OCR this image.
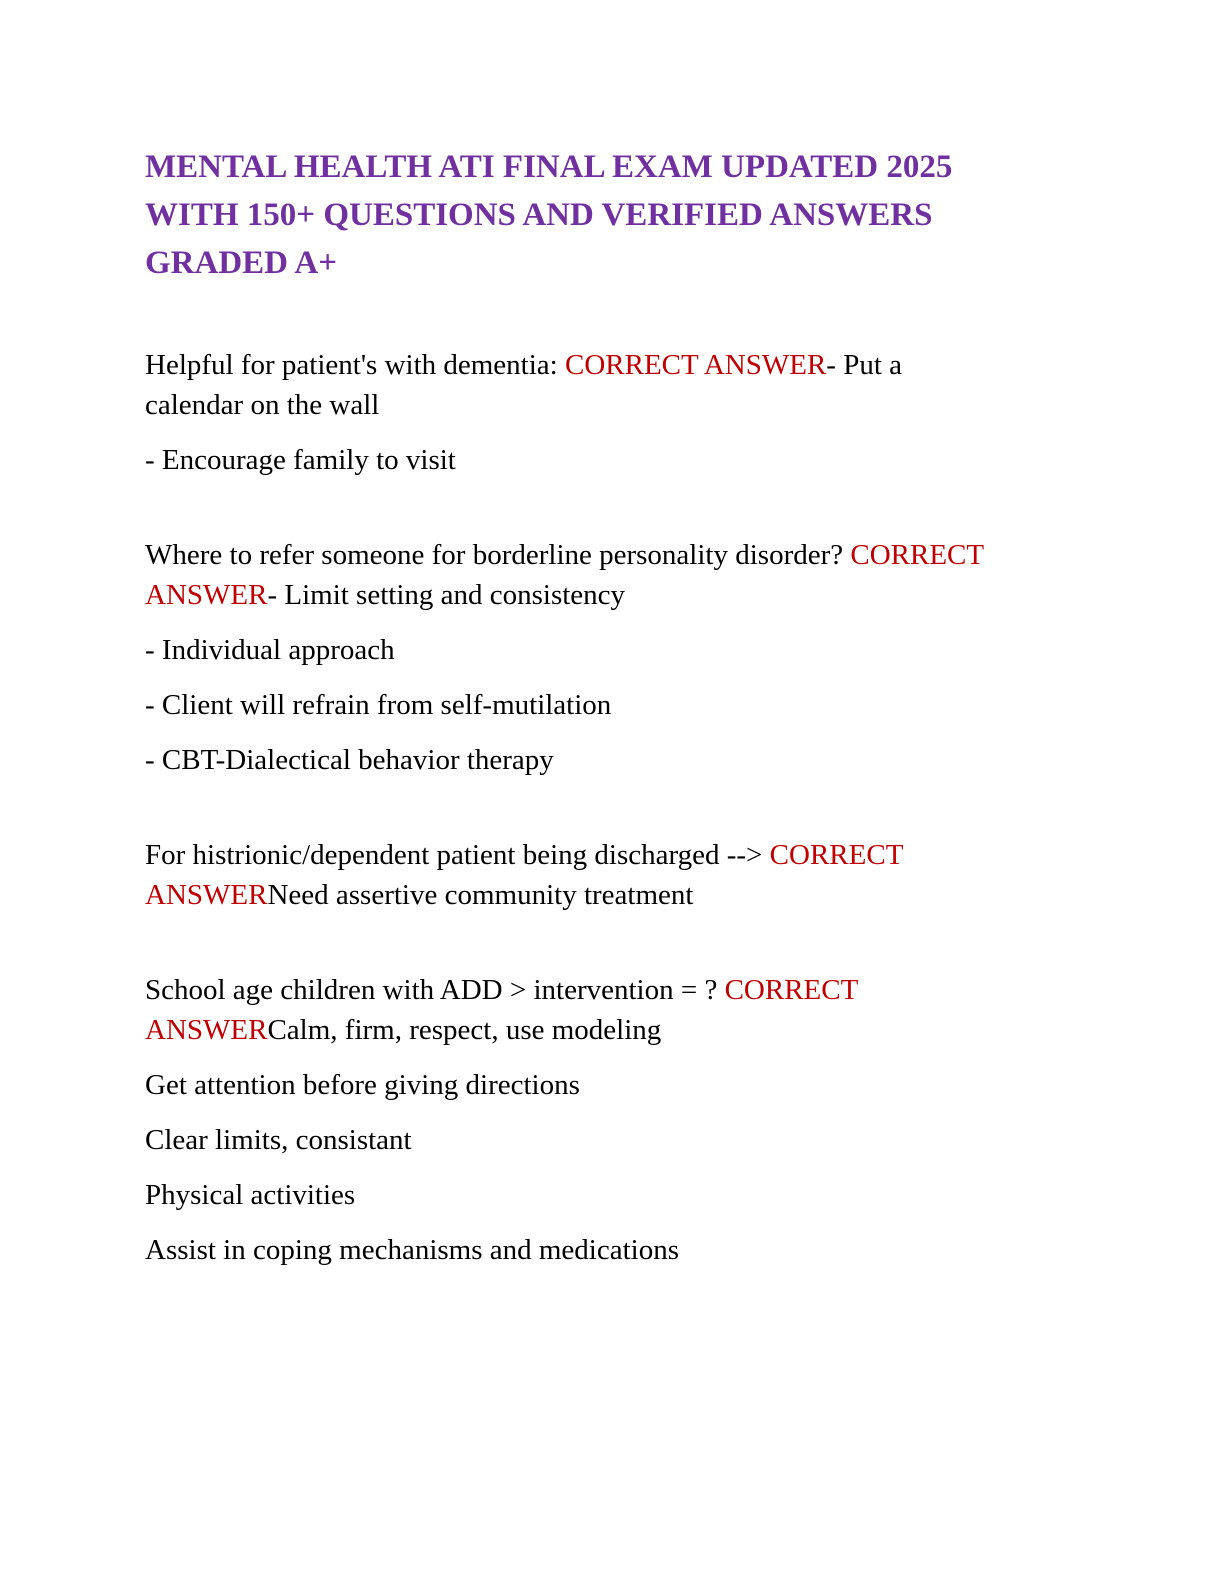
MENTAL HEALTH ATI FINAL EXAM UPDATED 2025
WITH 150+ QUESTIONS AND VERIFIED ANSWERS
GRADED A+

Helpful for patient's with dementia: CORRECT ANSWER- Put a
calendar on the wall

- Encourage family to visit

Where to refer someone for borderline personality disorder? CORRECT
ANSWER- Limit setting and consistency

- Individual approach

- Client will refrain from self-mutilation

- CBT-Dialectical behavior therapy

For histrionic/dependent patient being discharged --> CORRECT
ANSWERNeed assertive community treatment

School age children with ADD > intervention = ? CORRECT
ANSWERCalm, firm, respect, use modeling

Get attention before giving directions

Clear limits, consistant

Physical activities

Assist in coping mechanisms and medications
